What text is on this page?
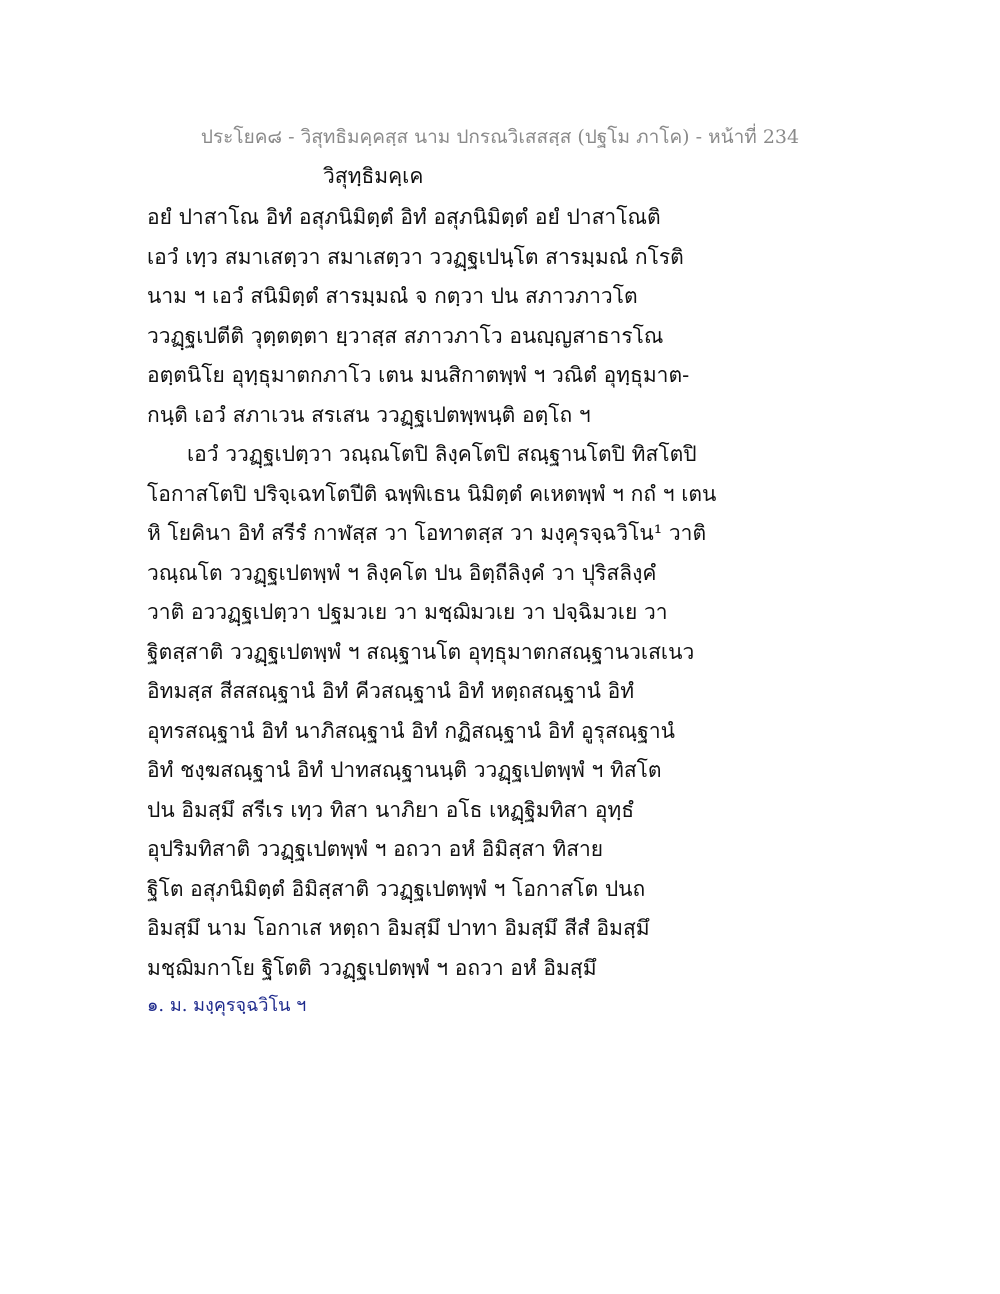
ประโยค๘ - วิสุทธิมคฺคสฺส นาม ปกรณวิเสสสฺส (ปฐโม ภาโค) - หน้าที่ 234
วิสุทฺธิมคฺเค
อยํ ปาสาโณ อิทํ อสุภนิมิตฺตํ อิทํ อสุภนิมิตฺตํ อยํ ปาสาโณติ
เอวํ เทฺว สมาเสตฺวา สมาเสตฺวา ววฏฺฐเปนฺโต สารมฺมณํ กโรติ
นาม ฯ เอวํ สนิมิตฺตํ สารมฺมณํ จ กตฺวา ปน สภาวภาวโต
ววฏฺฐเปตีติ วุตฺตตฺตา ยฺวาสฺส สภาวภาโว อนญฺญสาธารโณ
อตฺตนิโย อุทฺธุมาตกภาโว เตน มนสิกาตพฺพํ ฯ วณิตํ อุทฺธุมาต-
กนฺติ เอวํ สภาเวน สรเสน ววฏฺฐเปตพฺพนฺติ อตฺโถ ฯ
เอวํ ววฏฺฐเปตฺวา วณฺณโตปิ ลิงฺคโตปิ สณฺฐานโตปิ ทิสโตปิ
โอกาสโตปิ ปริจฺเฉทโตปีติ ฉพฺพิเธน นิมิตฺตํ คเหตพฺพํ ฯ กถํ ฯ เตน
หิ โยคินา อิทํ สรีรํ กาฬสฺส วา โอทาตสฺส วา มงฺคุรจฺฉวิโน¹ วาติ
วณฺณโต ววฏฺฐเปตพฺพํ ฯ ลิงฺคโต ปน อิตฺถีลิงฺคํ วา ปุริสลิงฺคํ
วาติ อววฏฺฐเปตฺวา ปฐมวเย วา มชฺฌิมวเย วา ปจฺฉิมวเย วา
ฐิตสฺสาติ ววฏฺฐเปตพฺพํ ฯ สณฺฐานโต อุทฺธุมาตกสณฺฐานวเสเนว
อิทมสฺส สีสสณฺฐานํ อิทํ คีวสณฺฐานํ อิทํ หตฺถสณฺฐานํ อิทํ
อุทรสณฺฐานํ อิทํ นาภิสณฺฐานํ อิทํ กฏิสณฺฐานํ อิทํ อูรุสณฺฐานํ
อิทํ ชงฺฆสณฺฐานํ อิทํ ปาทสณฺฐานนฺติ ววฏฺฐเปตพฺพํ ฯ ทิสโต
ปน อิมสฺมึ สรีเร เทฺว ทิสา นาภิยา อโธ เหฏฺฐิมทิสา อุทฺธํ
อุปริมทิสาติ ววฏฺฐเปตพฺพํ ฯ อถวา อหํ อิมิสฺสา ทิสาย
ฐิโต อสุภนิมิตฺตํ อิมิสฺสาติ ววฏฺฐเปตพฺพํ ฯ โอกาสโต ปนถ
อิมสฺมึ นาม โอกาเส หตฺถา อิมสฺมึ ปาทา อิมสฺมึ สีสํ อิมสฺมึ
มชฺฌิมกาโย ฐิโตติ ววฏฺฐเปตพฺพํ ฯ อถวา อหํ อิมสฺมึ
๑. ม. มงฺคุรจฺฉวิโน ฯ
